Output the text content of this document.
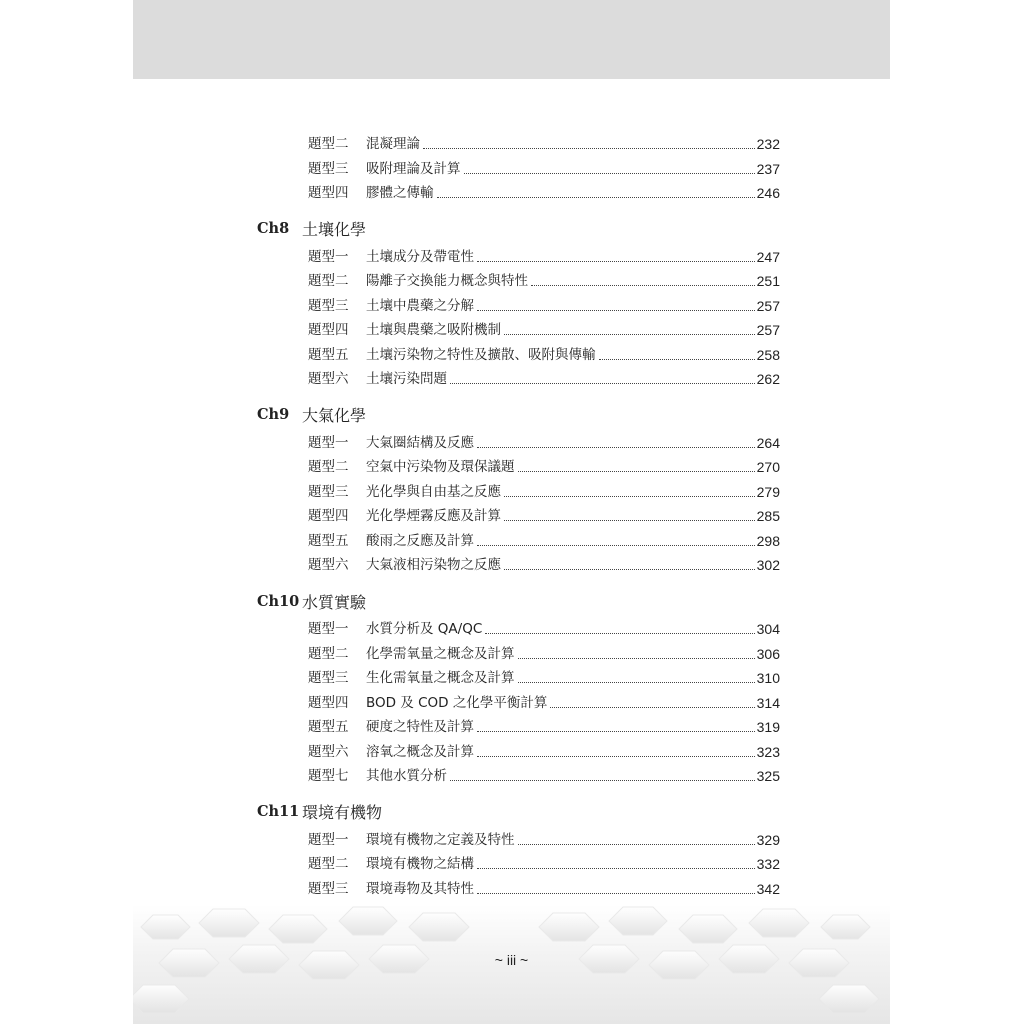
題型二	混凝理論	232
題型三	吸附理論及計算	237
題型四	膠體之傳輸	246
Ch8 土壤化學
題型一	土壤成分及帶電性	247
題型二	陽離子交換能力概念與特性	251
題型三	土壤中農藥之分解	257
題型四	土壤與農藥之吸附機制	257
題型五	土壤污染物之特性及擴散、吸附與傳輸	258
題型六	土壤污染問題	262
Ch9 大氣化學
題型一	大氣圈結構及反應	264
題型二	空氣中污染物及環保議題	270
題型三	光化學與自由基之反應	279
題型四	光化學煙霧反應及計算	285
題型五	酸雨之反應及計算	298
題型六	大氣液相污染物之反應	302
Ch10 水質實驗
題型一	水質分析及 QA/QC	304
題型二	化學需氧量之概念及計算	306
題型三	生化需氧量之概念及計算	310
題型四	BOD 及 COD 之化學平衡計算	314
題型五	硬度之特性及計算	319
題型六	溶氧之概念及計算	323
題型七	其他水質分析	325
Ch11 環境有機物
題型一	環境有機物之定義及特性	329
題型二	環境有機物之結構	332
題型三	環境毒物及其特性	342
~ iii ~
